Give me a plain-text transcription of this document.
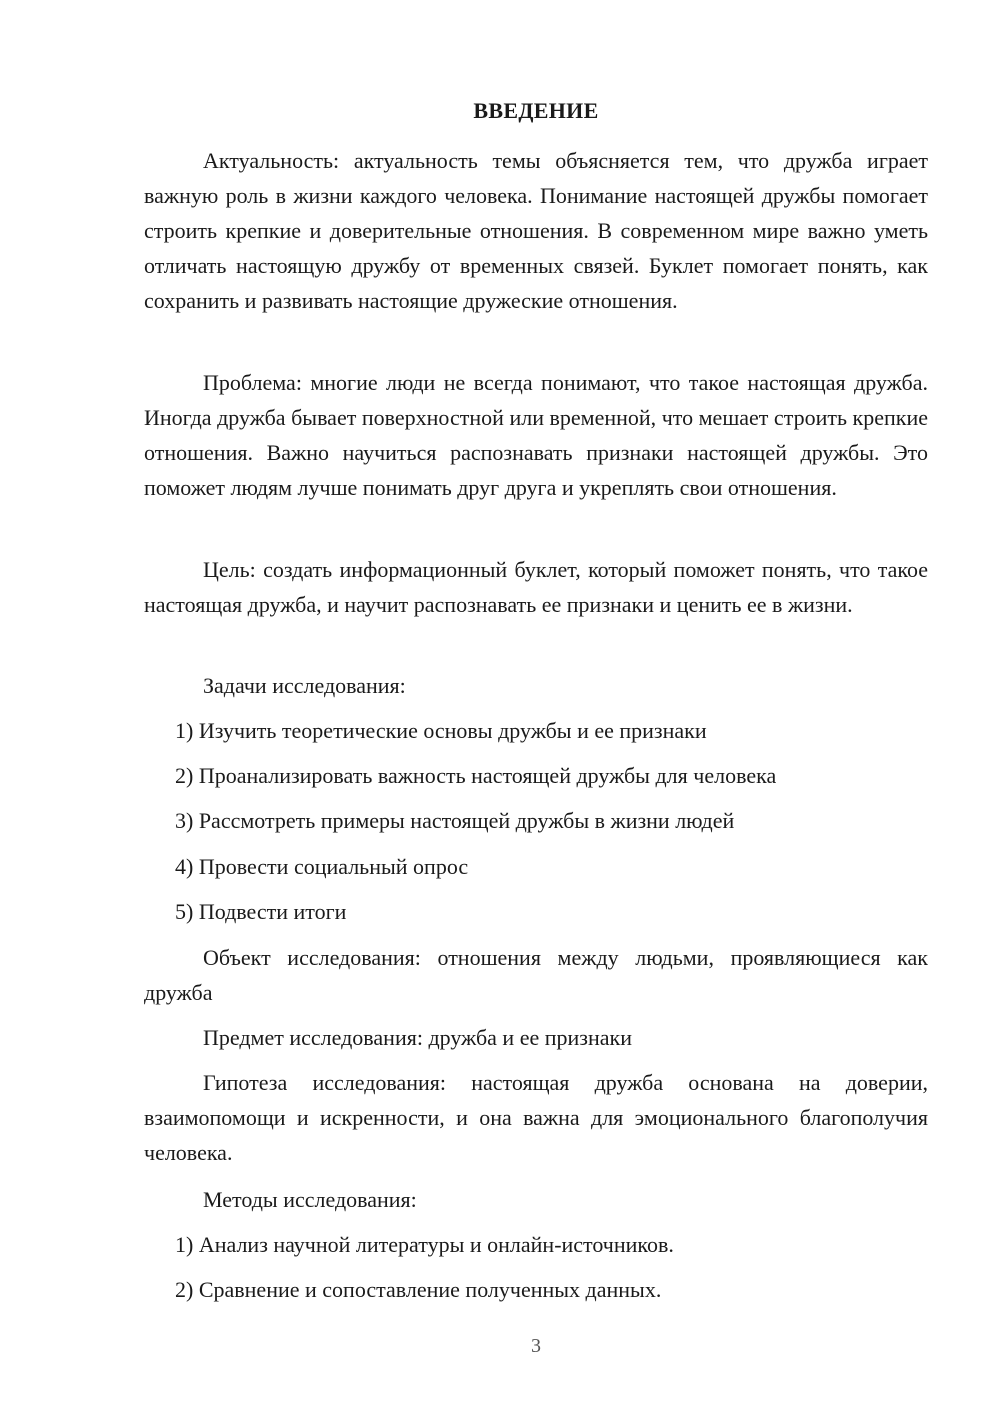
ВВЕДЕНИЕ

Актуальность: актуальность темы объясняется тем, что дружба играет важную роль в жизни каждого человека. Понимание настоящей дружбы помогает строить крепкие и доверительные отношения. В современном мире важно уметь отличать настоящую дружбу от временных связей. Буклет помогает понять, как сохранить и развивать настоящие дружеские отношения.

Проблема: многие люди не всегда понимают, что такое настоящая дружба. Иногда дружба бывает поверхностной или временной, что мешает строить крепкие отношения. Важно научиться распознавать признаки настоящей дружбы. Это поможет людям лучше понимать друг друга и укреплять свои отношения.

Цель: создать информационный буклет, который поможет понять, что такое настоящая дружба, и научит распознавать ее признаки и ценить ее в жизни.

Задачи исследования:

1) Изучить теоретические основы дружбы и ее признаки

2) Проанализировать важность настоящей дружбы для человека

3) Рассмотреть примеры настоящей дружбы в жизни людей

4) Провести социальный опрос

5) Подвести итоги

Объект исследования: отношения между людьми, проявляющиеся как дружба

Предмет исследования: дружба и ее признаки

Гипотеза исследования: настоящая дружба основана на доверии, взаимопомощи и искренности, и она важна для эмоционального благополучия человека.

Методы исследования:

1) Анализ научной литературы и онлайн-источников.

2) Сравнение и сопоставление полученных данных.

3
